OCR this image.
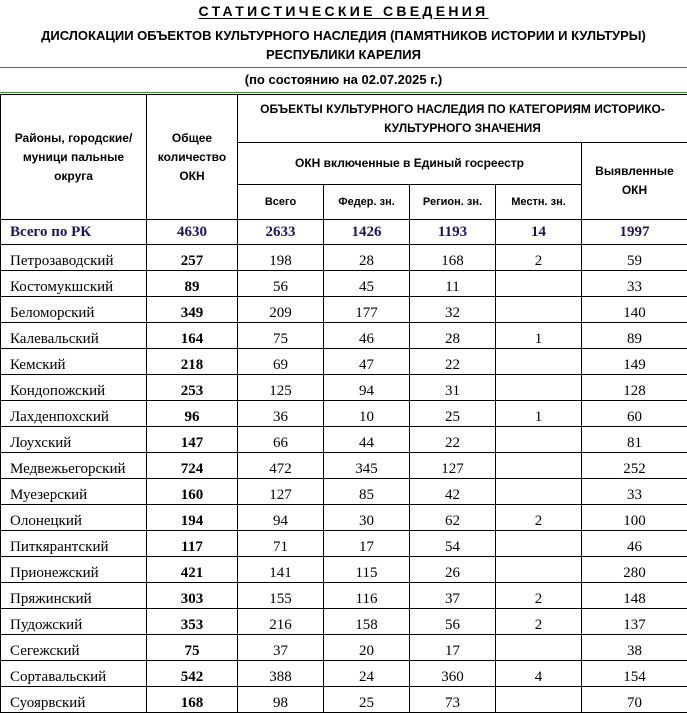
СТАТИСТИЧЕСКИЕ СВЕДЕНИЯ
ДИСЛОКАЦИИ ОБЪЕКТОВ КУЛЬТУРНОГО НАСЛЕДИЯ (ПАМЯТНИКОВ ИСТОРИИ И КУЛЬТУРЫ)
РЕСПУБЛИКИ КАРЕЛИЯ
(по состоянию на 02.07.2025 г.)
Районы, городские/муници пальные округа	Общее количество ОКН	ОБЪЕКТЫ КУЛЬТУРНОГО НАСЛЕДИЯ ПО КАТЕГОРИЯМ ИСТОРИКО-КУЛЬТУРНОГО ЗНАЧЕНИЯ				
		ОКН включенные в Единый госреестр				Выявленные ОКН
		Всего	Федер. зн.	Регион. зн.	Местн. зн.	
Всего по РК	4630	2633	1426	1193	14	1997
Петрозаводский	257	198	28	168	2	59
Костомукшский	89	56	45	11		33
Беломорский	349	209	177	32		140
Калевальский	164	75	46	28	1	89
Кемский	218	69	47	22		149
Кондопожский	253	125	94	31		128
Лахденпохский	96	36	10	25	1	60
Лоухский	147	66	44	22		81
Медвежьегорский	724	472	345	127		252
Муезерский	160	127	85	42		33
Олонецкий	194	94	30	62	2	100
Питкярантский	117	71	17	54		46
Прионежский	421	141	115	26		280
Пряжинский	303	155	116	37	2	148
Пудожский	353	216	158	56	2	137
Сегежский	75	37	20	17		38
Сортавальский	542	388	24	360	4	154
Суоярвский	168	98	25	73		70
